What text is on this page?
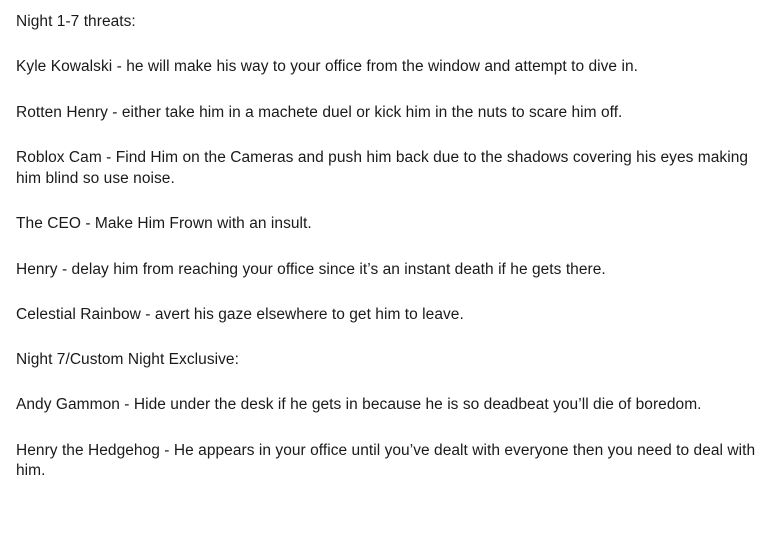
Night 1-7 threats:

Kyle Kowalski - he will make his way to your office from the window and attempt to dive in.

Rotten Henry - either take him in a machete duel or kick him in the nuts to scare him off.

Roblox Cam - Find Him on the Cameras and push him back due to the shadows covering his eyes making him blind so use noise.

The CEO - Make Him Frown with an insult.

Henry - delay him from reaching your office since it’s an instant death if he gets there.

Celestial Rainbow - avert his gaze elsewhere to get him to leave.

Night 7/Custom Night Exclusive:

Andy Gammon - Hide under the desk if he gets in because he is so deadbeat you’ll die of boredom.

Henry the Hedgehog - He appears in your office until you’ve dealt with everyone then you need to deal with him.
